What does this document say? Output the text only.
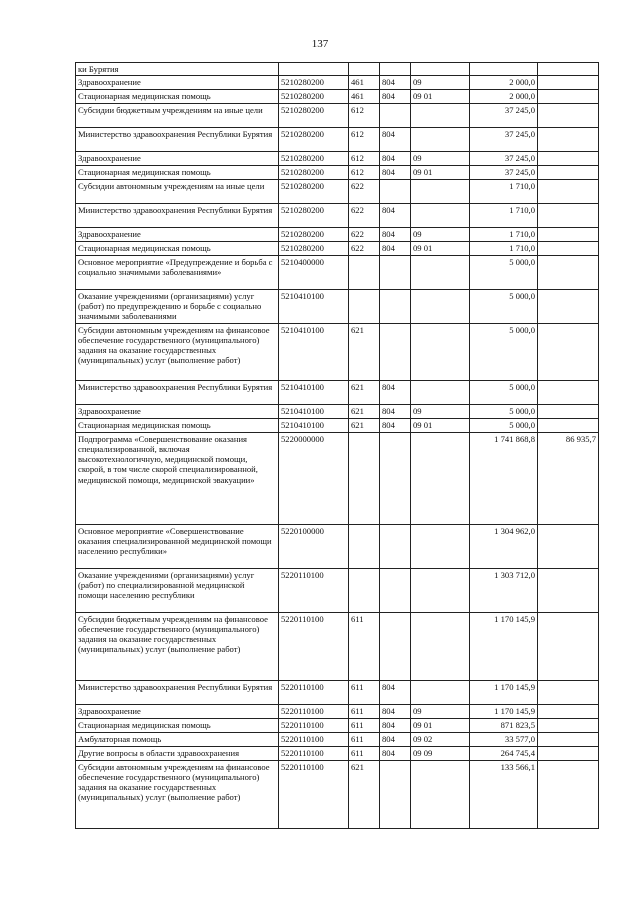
137
ки Бурятия						
Здравоохранение	5210280200	461	804	09	2 000,0	
Стационарная медицинская помощь	5210280200	461	804	09 01	2 000,0	
Субсидии бюджетным учреждениям на иные цели	5210280200	612			37 245,0	
Министерство здравоохранения Республики Бурятия	5210280200	612	804		37 245,0	
Здравоохранение	5210280200	612	804	09	37 245,0	
Стационарная медицинская помощь	5210280200	612	804	09 01	37 245,0	
Субсидии автономным учреждениям на иные цели	5210280200	622			1 710,0	
Министерство здравоохранения Республики Бурятия	5210280200	622	804		1 710,0	
Здравоохранение	5210280200	622	804	09	1 710,0	
Стационарная медицинская помощь	5210280200	622	804	09 01	1 710,0	
Основное мероприятие «Предупреждение и борьба с социально значимыми заболеваниями»	5210400000				5 000,0	
Оказание учреждениями (организациями) услуг (работ) по предупреждению и борьбе с социально значимыми заболеваниями	5210410100				5 000,0	
Субсидии автономным учреждениям на финансовое обеспечение государственного (муниципального) задания на оказание государственных (муниципальных) услуг (выполнение работ)	5210410100	621			5 000,0	
Министерство здравоохранения Республики Бурятия	5210410100	621	804		5 000,0	
Здравоохранение	5210410100	621	804	09	5 000,0	
Стационарная медицинская помощь	5210410100	621	804	09 01	5 000,0	
Подпрограмма «Совершенствование оказания специализированной, включая высокотехнологичную, медицинской помощи, скорой, в том числе скорой специализированной, медицинской помощи, медицинской эвакуации»	5220000000				1 741 868,8	86 935,7
Основное мероприятие «Совершенствование оказания специализированной медицинской помощи населению республики»	5220100000				1 304 962,0	
Оказание учреждениями (организациями) услуг (работ) по специализированной медицинской помощи населению республики	5220110100				1 303 712,0	
Субсидии бюджетным учреждениям на финансовое обеспечение государственного (муниципального) задания на оказание государственных (муниципальных) услуг (выполнение работ)	5220110100	611			1 170 145,9	
Министерство здравоохранения Республики Бурятия	5220110100	611	804		1 170 145,9	
Здравоохранение	5220110100	611	804	09	1 170 145,9	
Стационарная медицинская помощь	5220110100	611	804	09 01	871 823,5	
Амбулаторная помощь	5220110100	611	804	09 02	33 577,0	
Другие вопросы в области здравоохранения	5220110100	611	804	09 09	264 745,4	
Субсидии автономным учреждениям на финансовое обеспечение государственного (муниципального) задания на оказание государственных (муниципальных) услуг (выполнение работ)	5220110100	621			133 566,1	
